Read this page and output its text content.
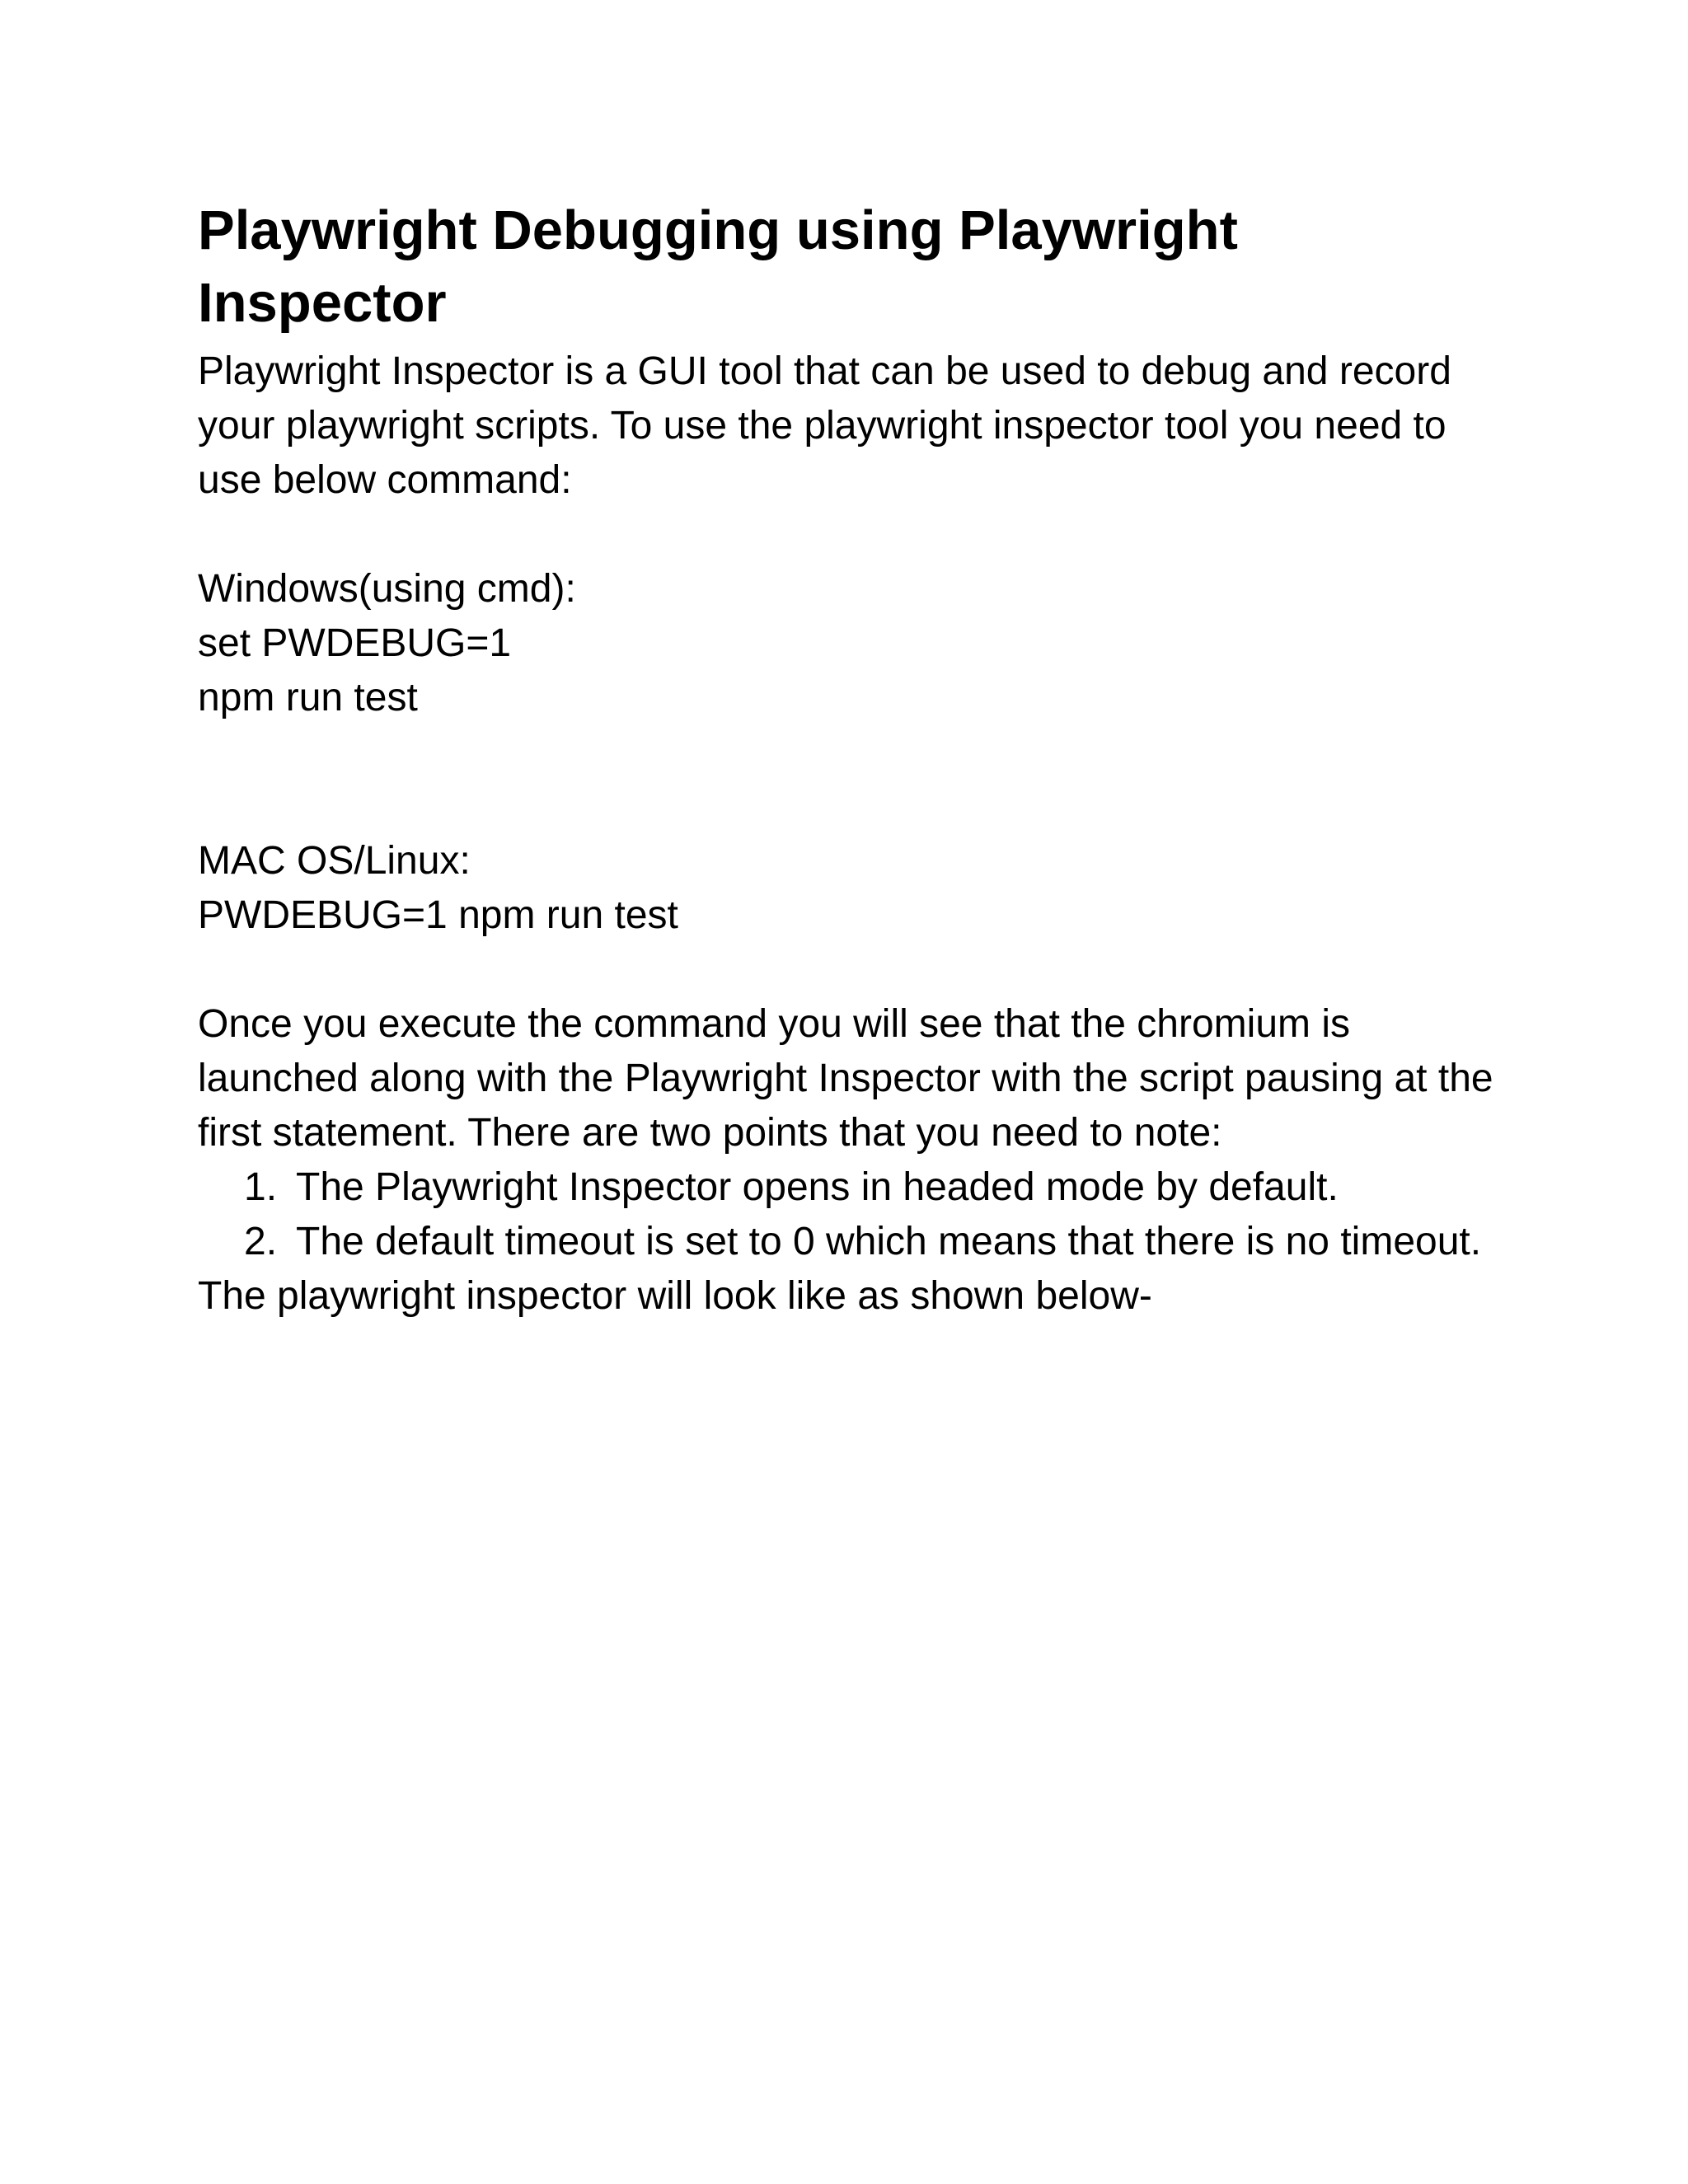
Playwright Debugging using Playwright Inspector

Playwright Inspector is a GUI tool that can be used to debug and record your playwright scripts. To use the playwright inspector tool you need to use below command:

Windows(using cmd):

set PWDEBUG=1

npm run test

MAC OS/Linux:

PWDEBUG=1 npm run test

Once you execute the command you will see that the chromium is launched along with the Playwright Inspector with the script pausing at the first statement. There are two points that you need to note:

1. The Playwright Inspector opens in headed mode by default.
2. The default timeout is set to 0 which means that there is no timeout.

The playwright inspector will look like as shown below-
